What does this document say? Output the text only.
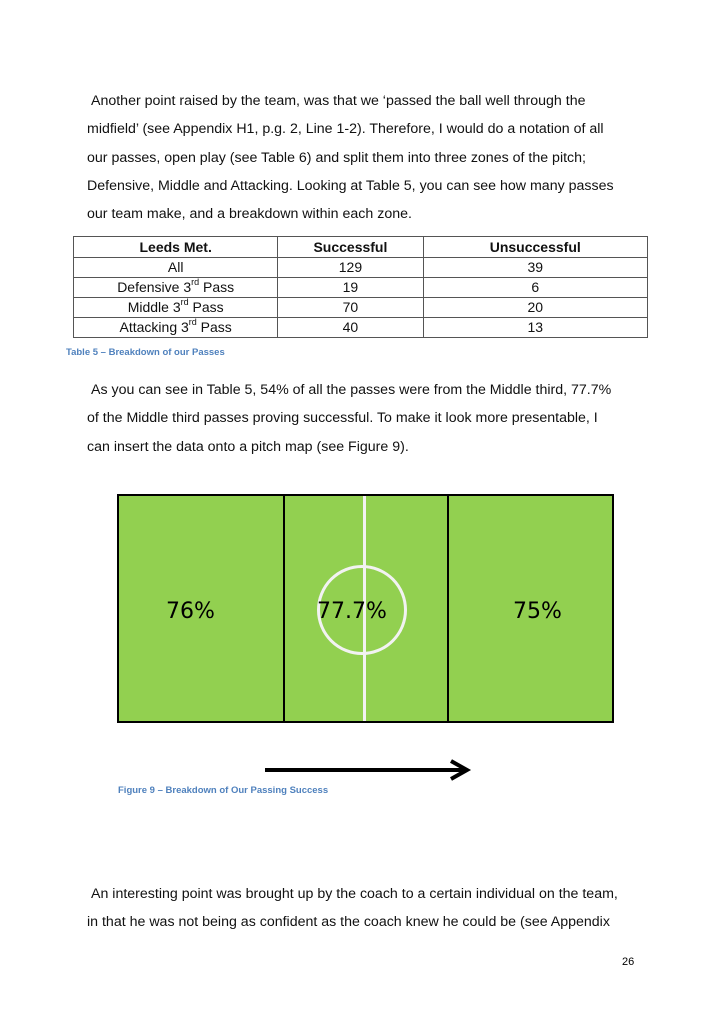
Another point raised by the team, was that we ‘passed the ball well through the
midfield’ (see Appendix H1, p.g. 2, Line 1-2). Therefore, I would do a notation of all
our passes, open play (see Table 6) and split them into three zones of the pitch;
Defensive, Middle and Attacking. Looking at Table 5, you can see how many passes
our team make, and a breakdown within each zone.
Leeds Met.	Successful	Unsuccessful
All	129	39
Defensive 3rd Pass	19	6
Middle 3rd Pass	70	20
Attacking 3rd Pass	40	13

Table 5 – Breakdown of our Passes

As you can see in Table 5, 54% of all the passes were from the Middle third, 77.7%
of the Middle third passes proving successful. To make it look more presentable, I
can insert the data onto a pitch map (see Figure 9).
76%	77.7%	75%

Figure 9 – Breakdown of Our Passing Success

An interesting point was brought up by the coach to a certain individual on the team,
in that he was not being as confident as the coach knew he could be (see Appendix
26
